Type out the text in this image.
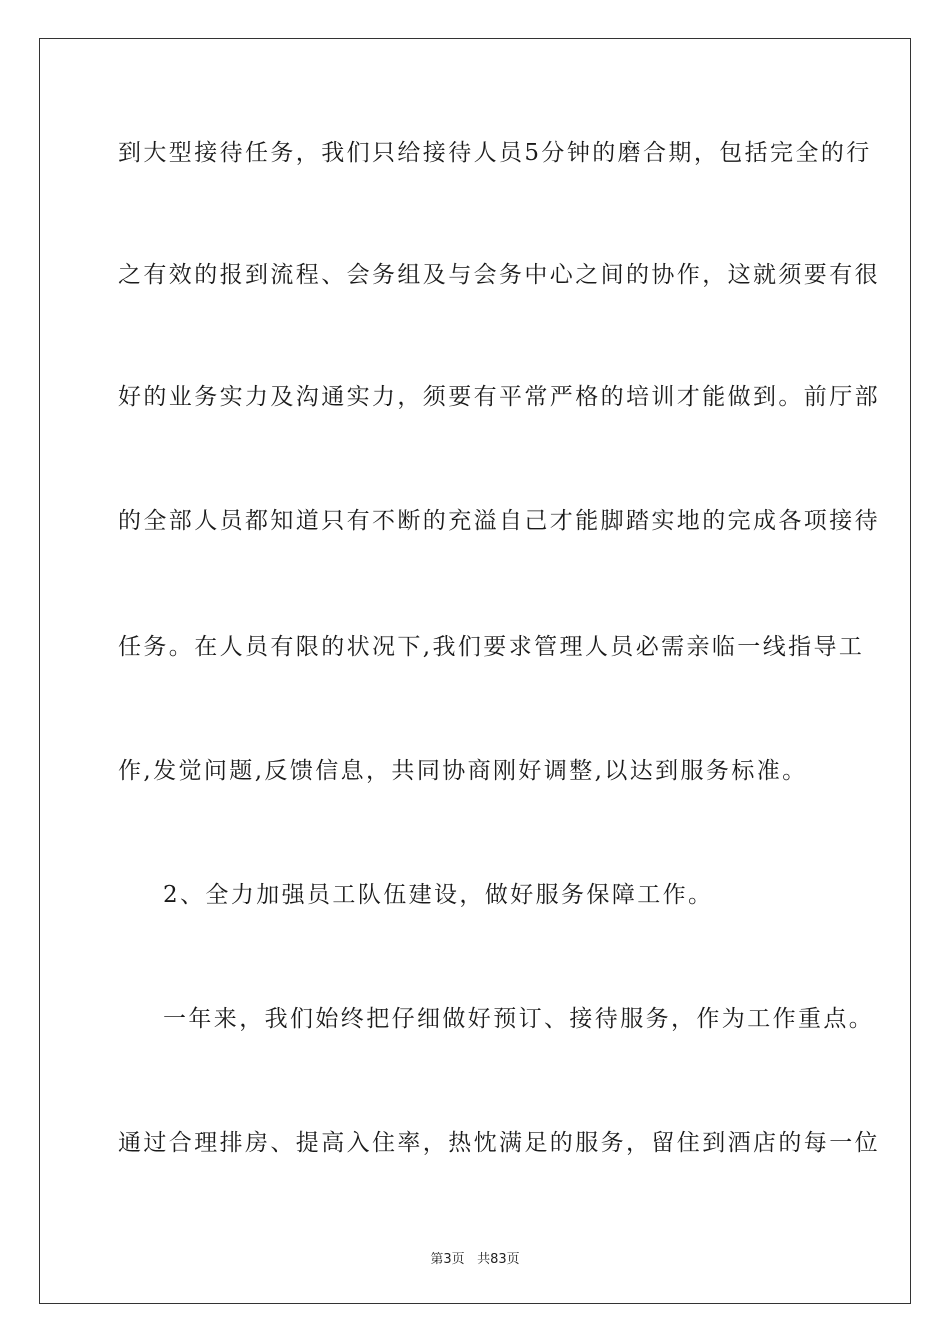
到大型接待任务，我们只给接待人员5分钟的磨合期，包括完全的行
之有效的报到流程、会务组及与会务中心之间的协作，这就须要有很
好的业务实力及沟通实力，须要有平常严格的培训才能做到。前厅部
的全部人员都知道只有不断的充溢自己才能脚踏实地的完成各项接待
任务。在人员有限的状况下,我们要求管理人员必需亲临一线指导工
作,发觉问题,反馈信息，共同协商刚好调整,以达到服务标准。
2、全力加强员工队伍建设，做好服务保障工作。
一年来，我们始终把仔细做好预订、接待服务，作为工作重点。
通过合理排房、提高入住率，热忱满足的服务，留住到酒店的每一位
第3页 共83页
